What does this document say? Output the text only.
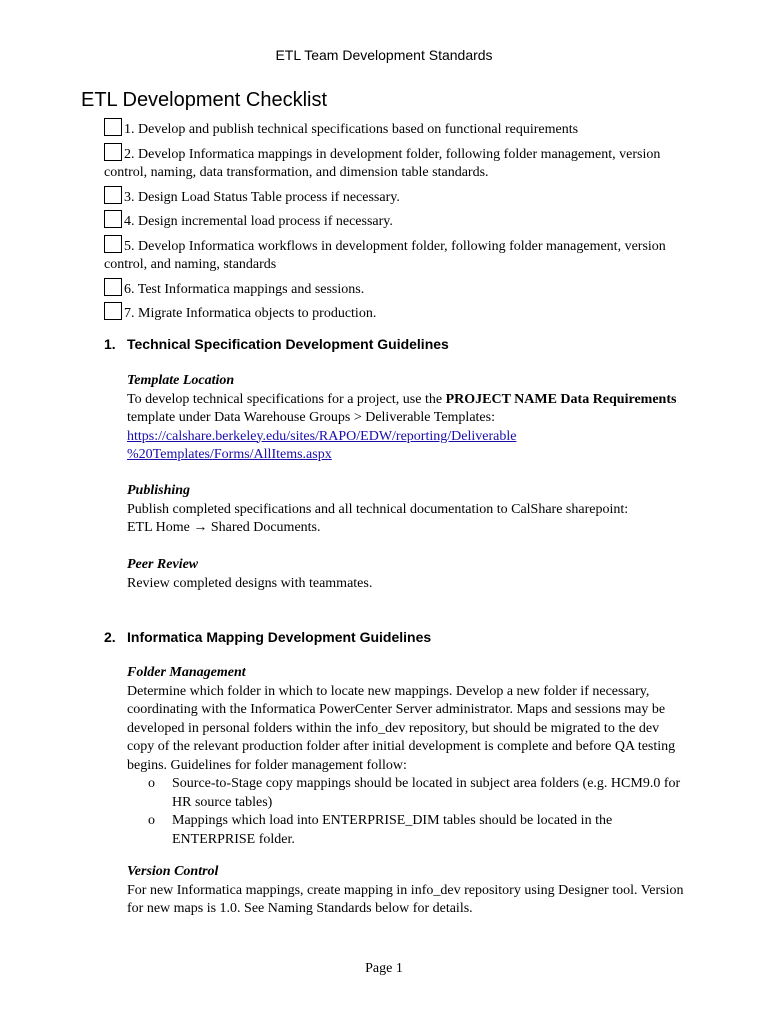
ETL Team Development Standards
ETL Development Checklist
1. Develop and publish technical specifications based on functional requirements
2. Develop Informatica mappings in development folder, following folder management, version control, naming, data transformation, and dimension table standards.
3. Design Load Status Table process if necessary.
4. Design incremental load process if necessary.
5. Develop Informatica workflows in development folder, following folder management, version control, and naming, standards
6. Test Informatica mappings and sessions.
7. Migrate Informatica objects to production.
1. Technical Specification Development Guidelines
Template Location
To develop technical specifications for a project, use the PROJECT NAME Data Requirements template under Data Warehouse Groups > Deliverable Templates:
https://calshare.berkeley.edu/sites/RAPO/EDW/reporting/Deliverable
%20Templates/Forms/AllItems.aspx
Publishing
Publish completed specifications and all technical documentation to CalShare sharepoint:
ETL Home → Shared Documents.
Peer Review
Review completed designs with teammates.
2. Informatica Mapping Development Guidelines
Folder Management
Determine which folder in which to locate new mappings. Develop a new folder if necessary, coordinating with the Informatica PowerCenter Server administrator. Maps and sessions may be developed in personal folders within the info_dev repository, but should be migrated to the dev copy of the relevant production folder after initial development is complete and before QA testing begins. Guidelines for folder management follow:
o Source-to-Stage copy mappings should be located in subject area folders (e.g. HCM9.0 for HR source tables)
o Mappings which load into ENTERPRISE_DIM tables should be located in the ENTERPRISE folder.
Version Control
For new Informatica mappings, create mapping in info_dev repository using Designer tool. Version for new maps is 1.0. See Naming Standards below for details.
Page 1
